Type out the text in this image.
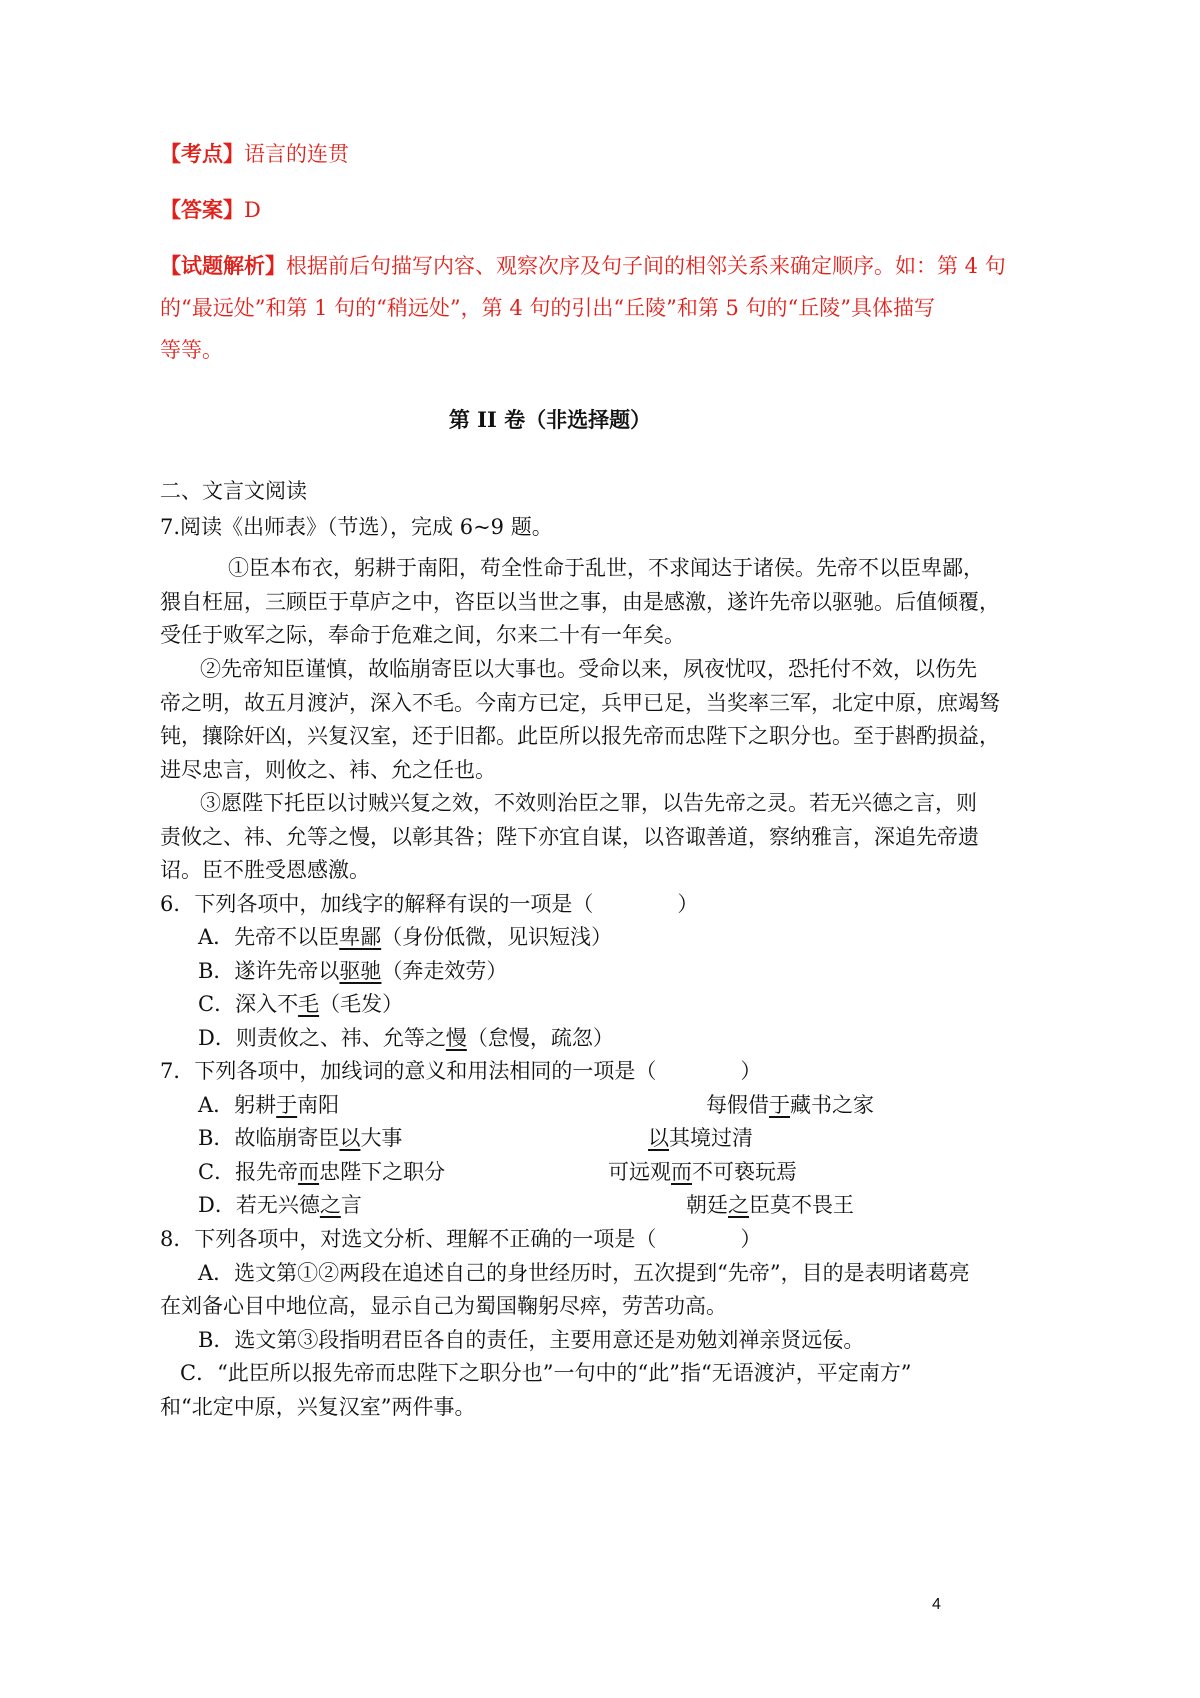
【考点】语言的连贯
【答案】D
【试题解析】根据前后句描写内容、观察次序及句子间的相邻关系来确定顺序。如：第 4 句
的“最远处”和第 1 句的“稍远处”，第 4 句的引出“丘陵”和第 5 句的“丘陵”具体描写
等等。
第 II 卷（非选择题）
二、文言文阅读
7.阅读《出师表》（节选），完成 6~9 题。
①臣本布衣，躬耕于南阳，苟全性命于乱世，不求闻达于诸侯。先帝不以臣卑鄙，
猥自枉屈，三顾臣于草庐之中，咨臣以当世之事，由是感激，遂许先帝以驱驰。后值倾覆，
受任于败军之际，奉命于危难之间，尔来二十有一年矣。
②先帝知臣谨慎，故临崩寄臣以大事也。受命以来，夙夜忧叹，恐托付不效，以伤先
帝之明，故五月渡泸，深入不毛。今南方已定，兵甲已足，当奖率三军，北定中原，庶竭驽
钝，攘除奸凶，兴复汉室，还于旧都。此臣所以报先帝而忠陛下之职分也。至于斟酌损益，
进尽忠言，则攸之、袆、允之任也。
③愿陛下托臣以讨贼兴复之效，不效则治臣之罪，以告先帝之灵。若无兴德之言，则
责攸之、祎、允等之慢，以彰其咎；陛下亦宜自谋，以咨诹善道，察纳雅言，深追先帝遗
诏。臣不胜受恩感激。
6．下列各项中，加线字的解释有误的一项是（　　　　）
A．先帝不以臣卑鄙（身份低微，见识短浅）
B．遂许先帝以驱驰（奔走效劳）
C．深入不毛（毛发）
D．则责攸之、祎、允等之慢（怠慢，疏忽）
7．下列各项中，加线词的意义和用法相同的一项是（　　　　）
A．躬耕于南阳	每假借于藏书之家
B．故临崩寄臣以大事	以其境过清
C．报先帝而忠陛下之职分	可远观而不可亵玩焉
D．若无兴德之言	朝廷之臣莫不畏王
8．下列各项中，对选文分析、理解不正确的一项是（　　　　）
A．选文第①②两段在追述自己的身世经历时，五次提到“先帝”，目的是表明诸葛亮
在刘备心目中地位高，显示自己为蜀国鞠躬尽瘁，劳苦功高。
B．选文第③段指明君臣各自的责任，主要用意还是劝勉刘禅亲贤远佞。
C．“此臣所以报先帝而忠陛下之职分也”一句中的“此”指“无语渡泸，平定南方”
和“北定中原，兴复汉室”两件事。
4
